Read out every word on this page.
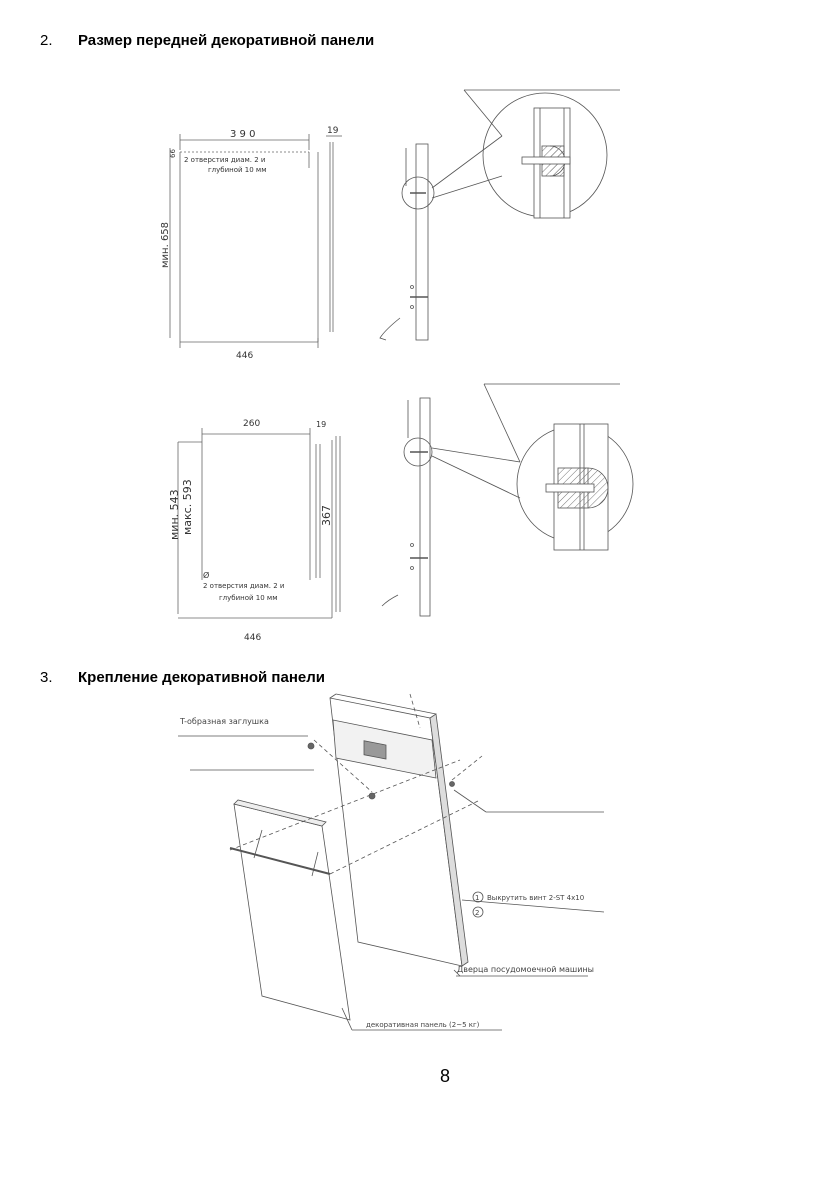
2. Размер передней декоративной панели
3. Крепление декоративной панели
3 9 0	19
66
2 отверстия диам. 2 и
глубиной 10 мм
мин. 658
446
260	19
мин. 543 макс. 593	367
Ø
2 отверстия диам. 2 и
глубиной 10 мм
446
T-образная заглушка
1 Выкрутить винт 2-ST 4x10
2
Дверца посудомоечной машины
декоративная панель (2~5 кг)
8
